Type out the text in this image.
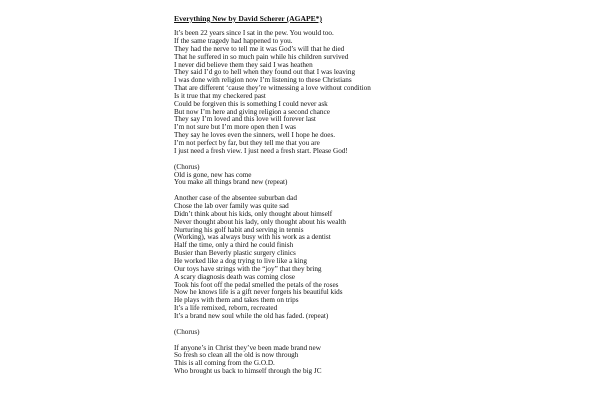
Everything New by David Scherer (AGAPE*)
It’s been 22 years since I sat in the pew. You would too.
If the same tragedy had happened to you.
They had the nerve to tell me it was God’s will that he died
That he suffered in so much pain while his children survived
I never did believe them they said I was heathen
They said I’d go to hell when they found out that I was leaving
I was done with religion now I’m listening to these Christians
That are different ‘cause they’re witnessing a love without condition
Is it true that my checkered past
Could be forgiven this is something I could never ask
But now I’m here and giving religion a second chance
They say I’m loved and this love will forever last
I’m not sure but I’m more open then I was
They say he loves even the sinners, well I hope he does.
I’m not perfect by far, but they tell me that you are
I just need a fresh view. I just need a fresh start. Please God!
(Chorus)
Old is gone, new has come
You make all things brand new (repeat)
Another case of the absentee suburban dad
Chose the lab over family was quite sad
Didn’t think about his kids, only thought about himself
Never thought about his lady, only thought about his wealth
Nurturing his golf habit and serving in tennis
(Working), was always busy with his work as a dentist
Half the time, only a third he could finish
Busier than Beverly plastic surgery clinics
He worked like a dog trying to live like a king
Our toys have strings with the “joy” that they bring
A scary diagnosis death was coming close
Took his foot off the pedal smelled the petals of the roses
Now he knows life is a gift never forgets his beautiful kids
He plays with them and takes them on trips
It’s a life remixed, reborn, recreated
It’s a brand new soul while the old has faded. (repeat)
(Chorus)
If anyone’s in Christ they’ve been made brand new
So fresh so clean all the old is now through
This is all coming from the G.O.D.
Who brought us back to himself through the big JC
